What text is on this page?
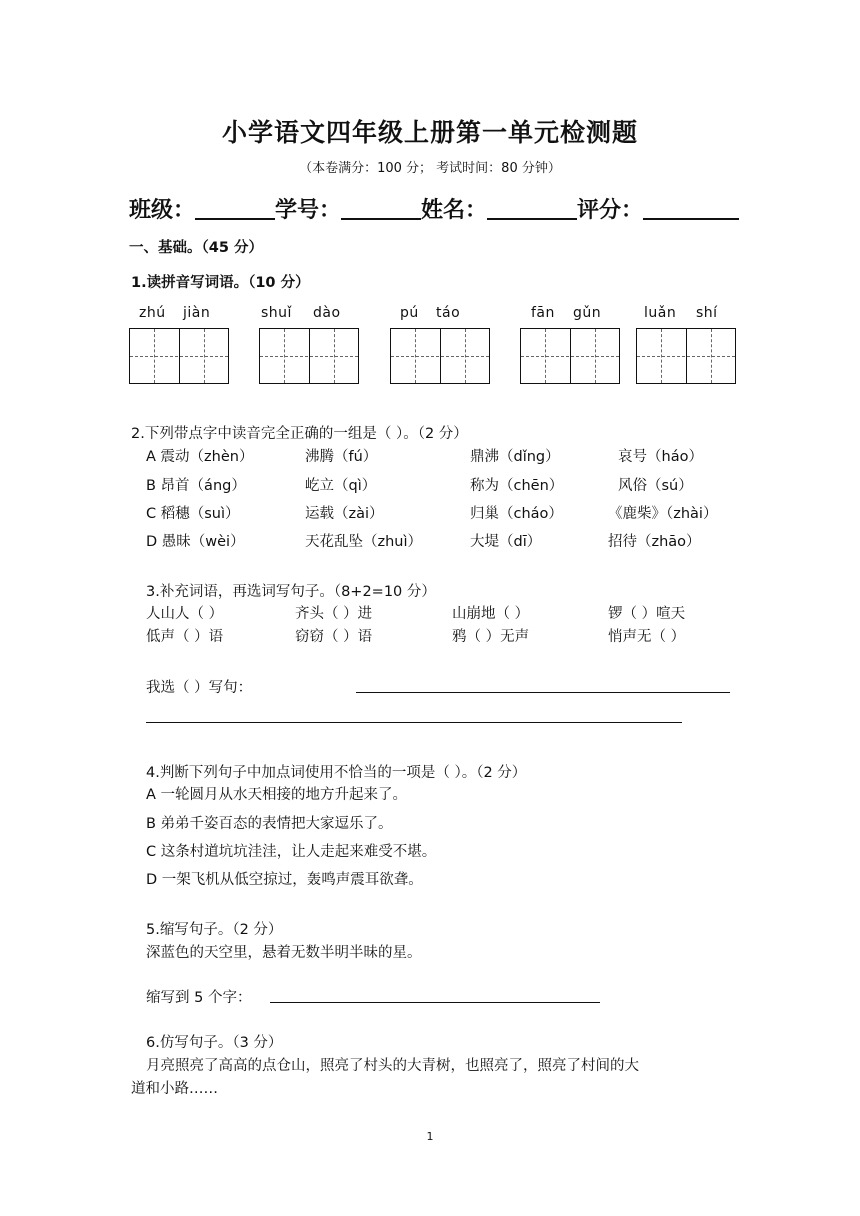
小学语文四年级上册第一单元检测题
（本卷满分：100 分； 考试时间：80 分钟）
班级：	学号：	姓名：	评分：
一、基础。（45 分）
1.读拼音写词语。（10 分）
zhú jiàn	shuǐ dào	pú táo	fān gǔn	luǎn shí
2.下列带点字中读音完全正确的一组是（ ）。（2 分）
A 震动（zhèn）	沸腾（fú）	鼎沸（dǐng）	哀号（háo）
B 昂首（áng）	屹立（qì）	称为（chēn）	风俗（sú）
C 稻穗（suì）	运载（zài）	归巢（cháo）	《鹿柴》（zhài）
D 愚昧（wèi）	天花乱坠（zhuì）	大堤（dī）	招待（zhāo）
3.补充词语，再选词写句子。（8+2=10 分）
人山人（ ）	齐头（ ）进	山崩地（ ）	锣（ ）喧天
低声（ ）语	窃窃（ ）语	鸦（ ）无声	悄声无（ ）
我选（ ）写句：
4.判断下列句子中加点词使用不恰当的一项是（ ）。（2 分）
A 一轮圆月从水天相接的地方升起来了。
B 弟弟千姿百态的表情把大家逗乐了。
C 这条村道坑坑洼洼，让人走起来难受不堪。
D 一架飞机从低空掠过，轰鸣声震耳欲聋。
5.缩写句子。（2 分）
深蓝色的天空里，悬着无数半明半昧的星。
缩写到 5 个字：
6.仿写句子。（3 分）
月亮照亮了高高的点仓山，照亮了村头的大青树，也照亮了，照亮了村间的大
道和小路……
1
